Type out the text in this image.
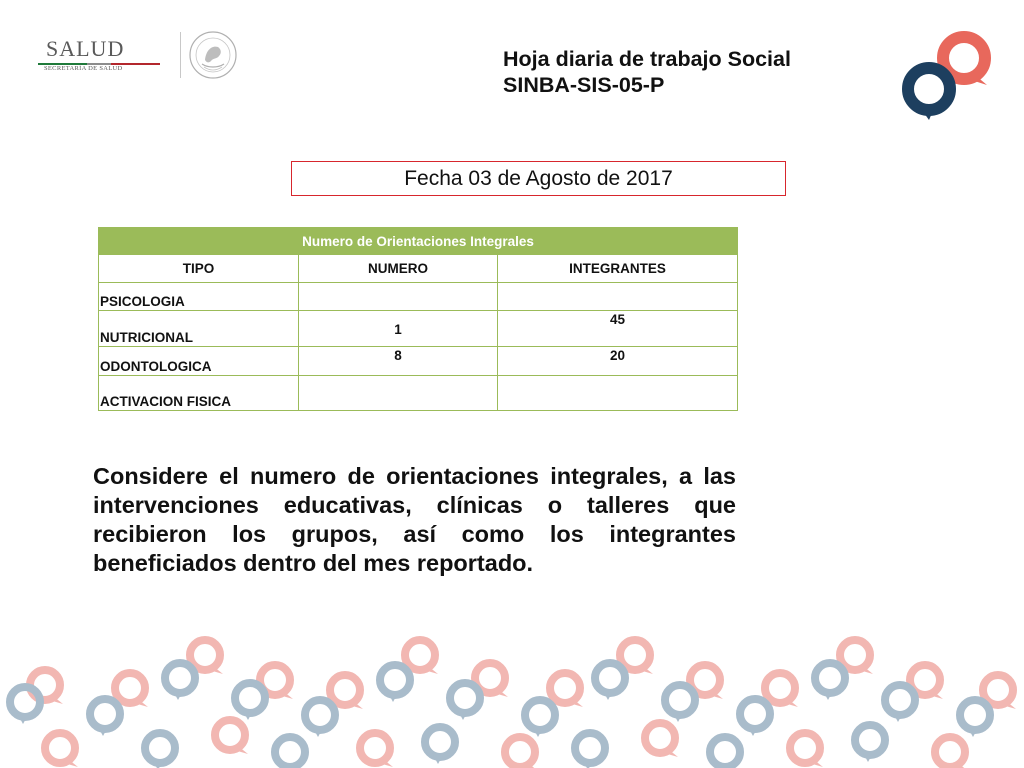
SALUD
SECRETARÍA DE SALUD	Hoja diaria de trabajo Social
SINBA-SIS-05-P
Fecha 03 de Agosto de 2017
Numero de Orientaciones Integrales		
TIPO	NUMERO	INTEGRANTES
PSICOLOGIA		
NUTRICIONAL	1	45
ODONTOLOGICA	8	20
ACTIVACION FISICA		
Considere el numero de orientaciones integrales, a las intervenciones educativas, clínicas o talleres que recibieron los grupos, así como los integrantes beneficiados dentro del mes reportado.
